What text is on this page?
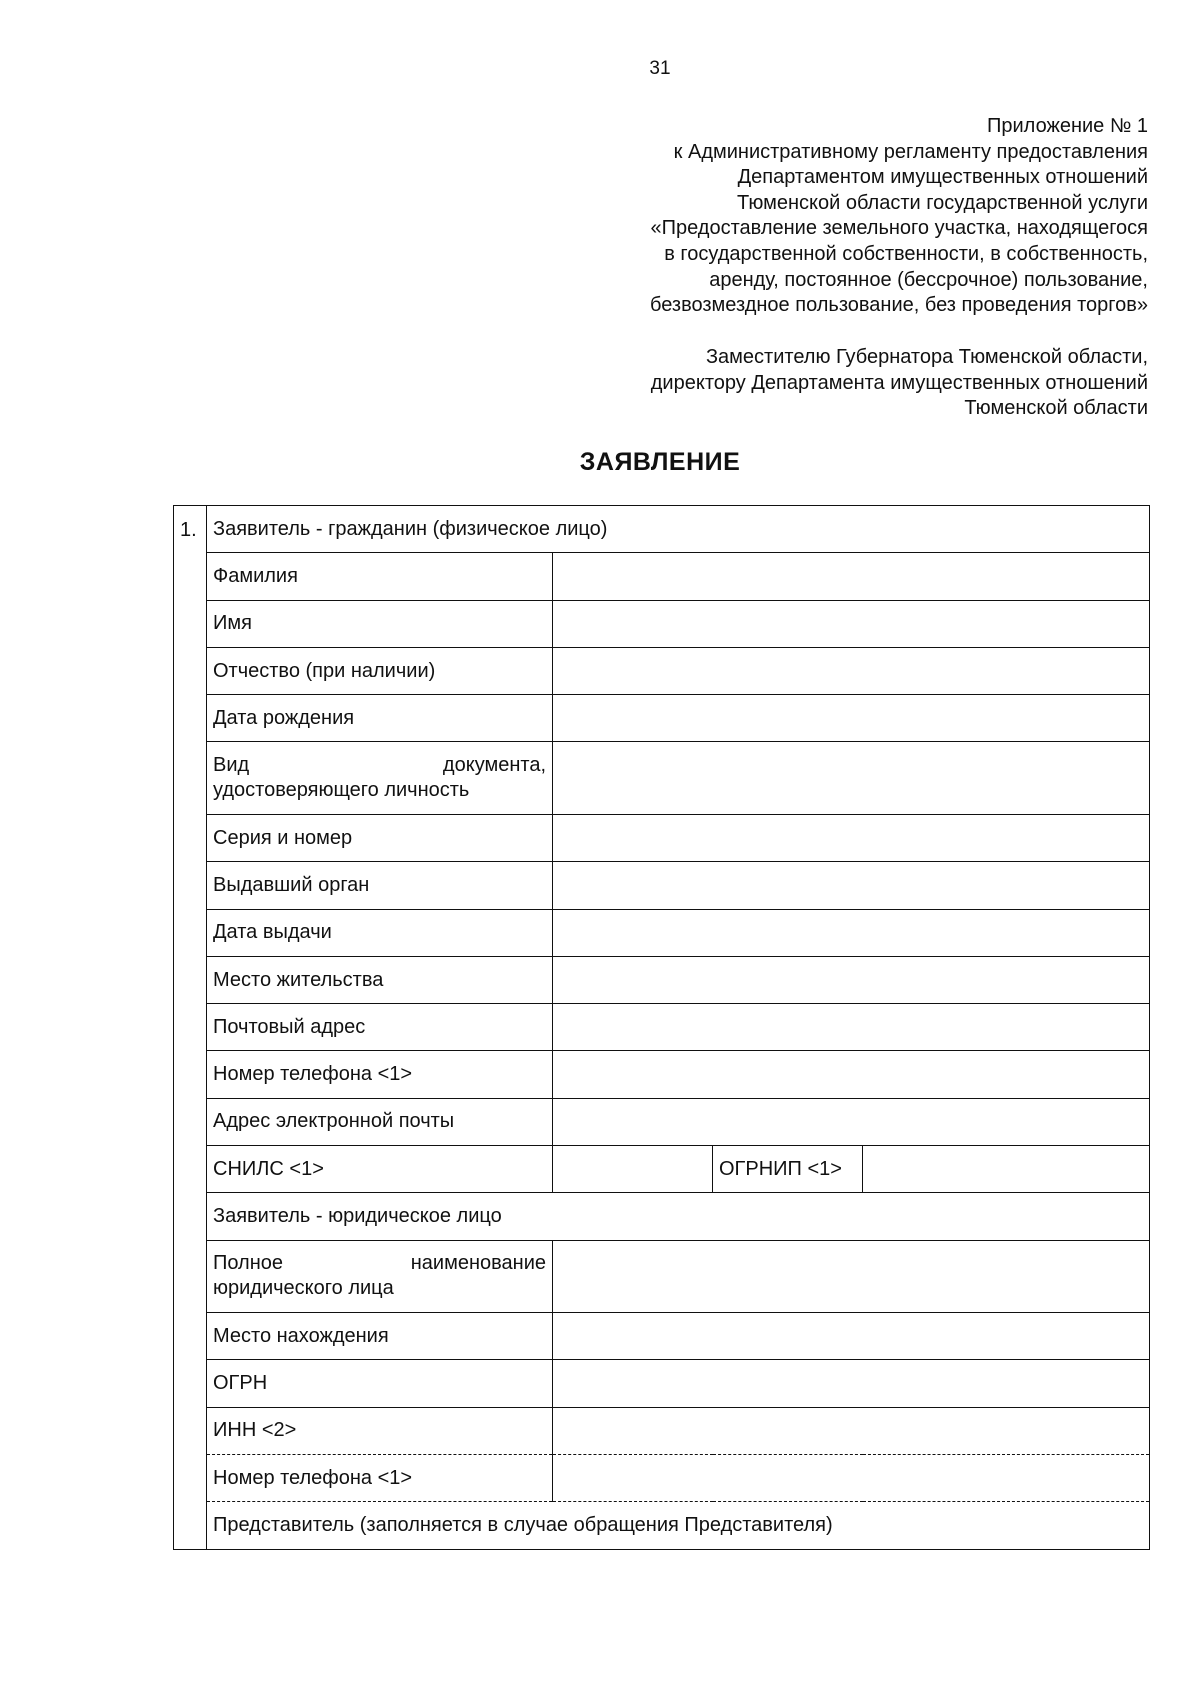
31
Приложение № 1
к Административному регламенту предоставления
Департаментом имущественных отношений
Тюменской области государственной услуги
«Предоставление земельного участка, находящегося
в государственной собственности, в собственность,
аренду, постоянное (бессрочное) пользование,
безвозмездное пользование, без проведения торгов»
Заместителю Губернатора Тюменской области,
директору Департамента имущественных отношений
Тюменской области
ЗАЯВЛЕНИЕ
1.	Заявитель - гражданин (физическое лицо)			
	Фамилия			
	Имя			
	Отчество (при наличии)			
	Дата рождения			

	Вид документа,
удостоверяющего личность			

	Серия и номер			
	Выдавший орган			
	Дата выдачи			
	Место жительства			
	Почтовый адрес			
	Номер телефона <1>			
	Адрес электронной почты			
	СНИЛС <1>		ОГРНИП <1>	
	Заявитель - юридическое лицо			

	Полное наименование
юридического лица			

	Место нахождения			
	ОГРН			
	ИНН <2>			
	Номер телефона <1>			
	Представитель (заполняется в случае обращения Представителя)			
